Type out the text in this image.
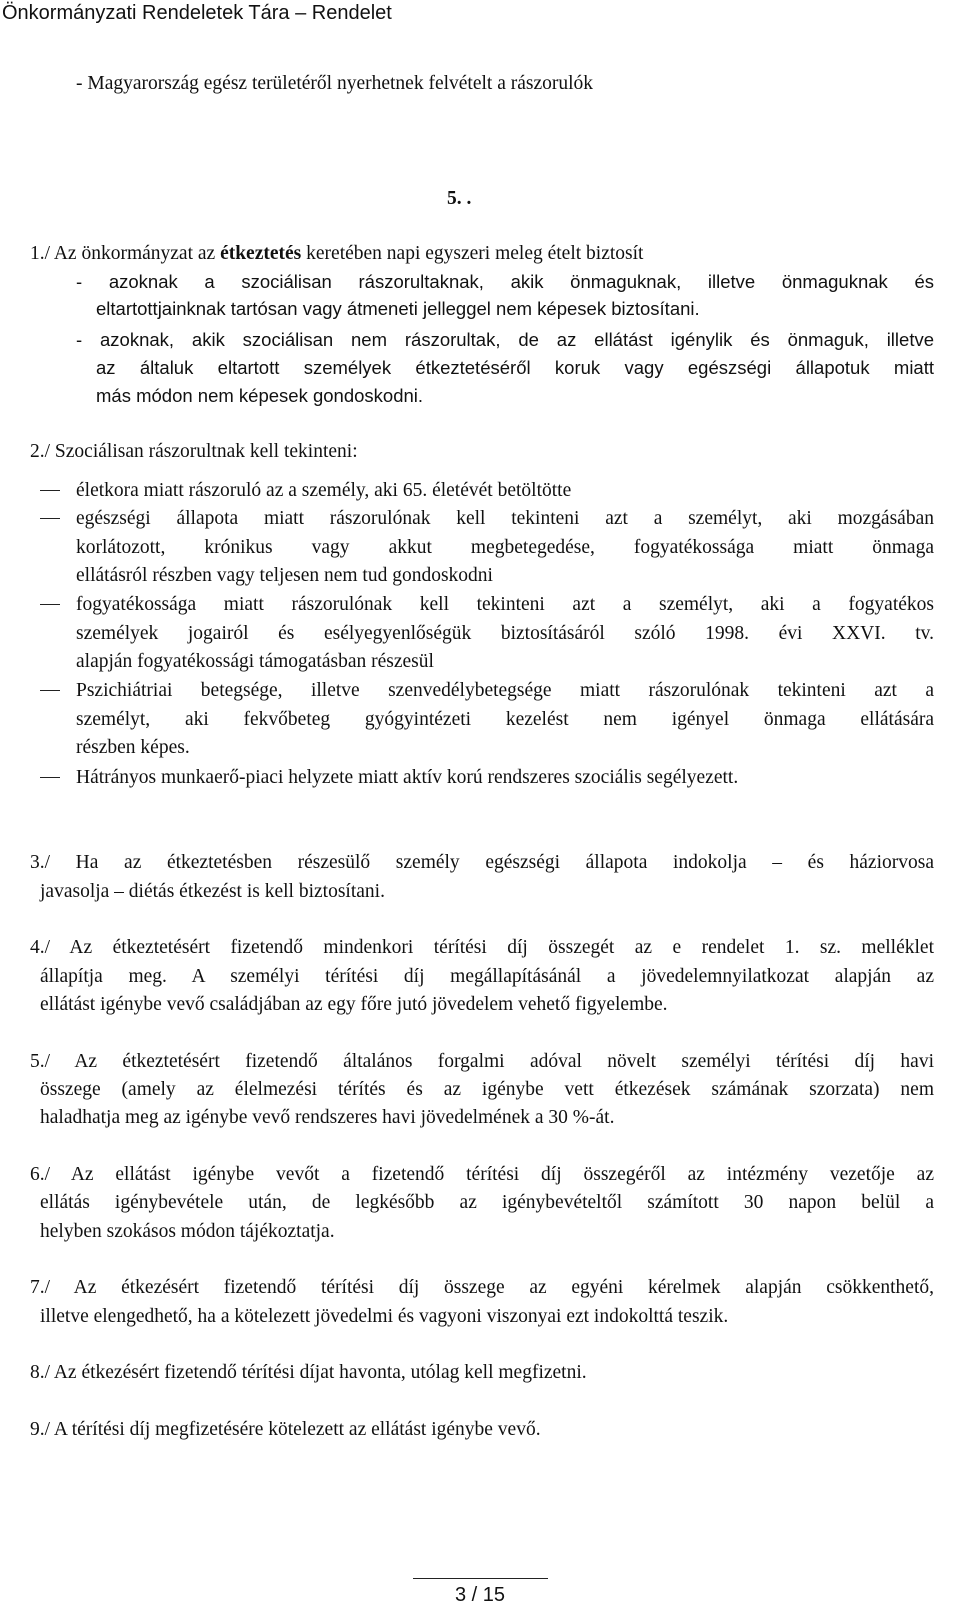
Önkormányzati Rendeletek Tára – Rendelet
- Magyarország egész területéről nyerhetnek felvételt a rászorulók
5. .
1./ Az önkormányzat az étkeztetés keretében napi egyszeri meleg ételt biztosít
- azoknak a szociálisan rászorultaknak, akik önmaguknak, illetve önmaguknak és
eltartottjainknak tartósan vagy átmeneti jelleggel nem képesek biztosítani.
- azoknak, akik szociálisan nem rászorultak, de az ellátást igénylik és önmaguk, illetve
az általuk eltartott személyek étkeztetéséről koruk vagy egészségi állapotuk miatt
más módon nem képesek gondoskodni.
2./ Szociálisan rászorultnak kell tekinteni:
életkora miatt rászoruló az a személy, aki 65. életévét betöltötte
egészségi állapota miatt rászorulónak kell tekinteni azt a személyt, aki mozgásában
korlátozott, krónikus vagy akkut megbetegedése, fogyatékossága miatt önmaga
ellátásról részben vagy teljesen nem tud gondoskodni
fogyatékossága miatt rászorulónak kell tekinteni azt a személyt, aki a fogyatékos
személyek jogairól és esélyegyenlőségük biztosításáról szóló 1998. évi XXVI. tv.
alapján fogyatékossági támogatásban részesül
Pszichiátriai betegsége, illetve szenvedélybetegsége miatt rászorulónak tekinteni azt a
személyt, aki fekvőbeteg gyógyintézeti kezelést nem igényel önmaga ellátására
részben képes.
Hátrányos munkaerő-piaci helyzete miatt aktív korú rendszeres szociális segélyezett.
3./ Ha az étkeztetésben részesülő személy egészségi állapota indokolja – és háziorvosa
javasolja – diétás étkezést is kell biztosítani.
4./ Az étkeztetésért fizetendő mindenkori térítési díj összegét az e rendelet 1. sz. melléklet
állapítja meg. A személyi térítési díj megállapításánál a jövedelemnyilatkozat alapján az
ellátást igénybe vevő családjában az egy főre jutó jövedelem vehető figyelembe.
5./ Az étkeztetésért fizetendő általános forgalmi adóval növelt személyi térítési díj havi
összege (amely az élelmezési térítés és az igénybe vett étkezések számának szorzata) nem
haladhatja meg az igénybe vevő rendszeres havi jövedelmének a 30 %-át.
6./ Az ellátást igénybe vevőt a fizetendő térítési díj összegéről az intézmény vezetője az
ellátás igénybevétele után, de legkésőbb az igénybevételtől számított 30 napon belül a
helyben szokásos módon tájékoztatja.
7./ Az étkezésért fizetendő térítési díj összege az egyéni kérelmek alapján csökkenthető,
illetve elengedhető, ha a kötelezett jövedelmi és vagyoni viszonyai ezt indokolttá teszik.
8./ Az étkezésért fizetendő térítési díjat havonta, utólag kell megfizetni.
9./ A térítési díj megfizetésére kötelezett az ellátást igénybe vevő.
3 / 15
